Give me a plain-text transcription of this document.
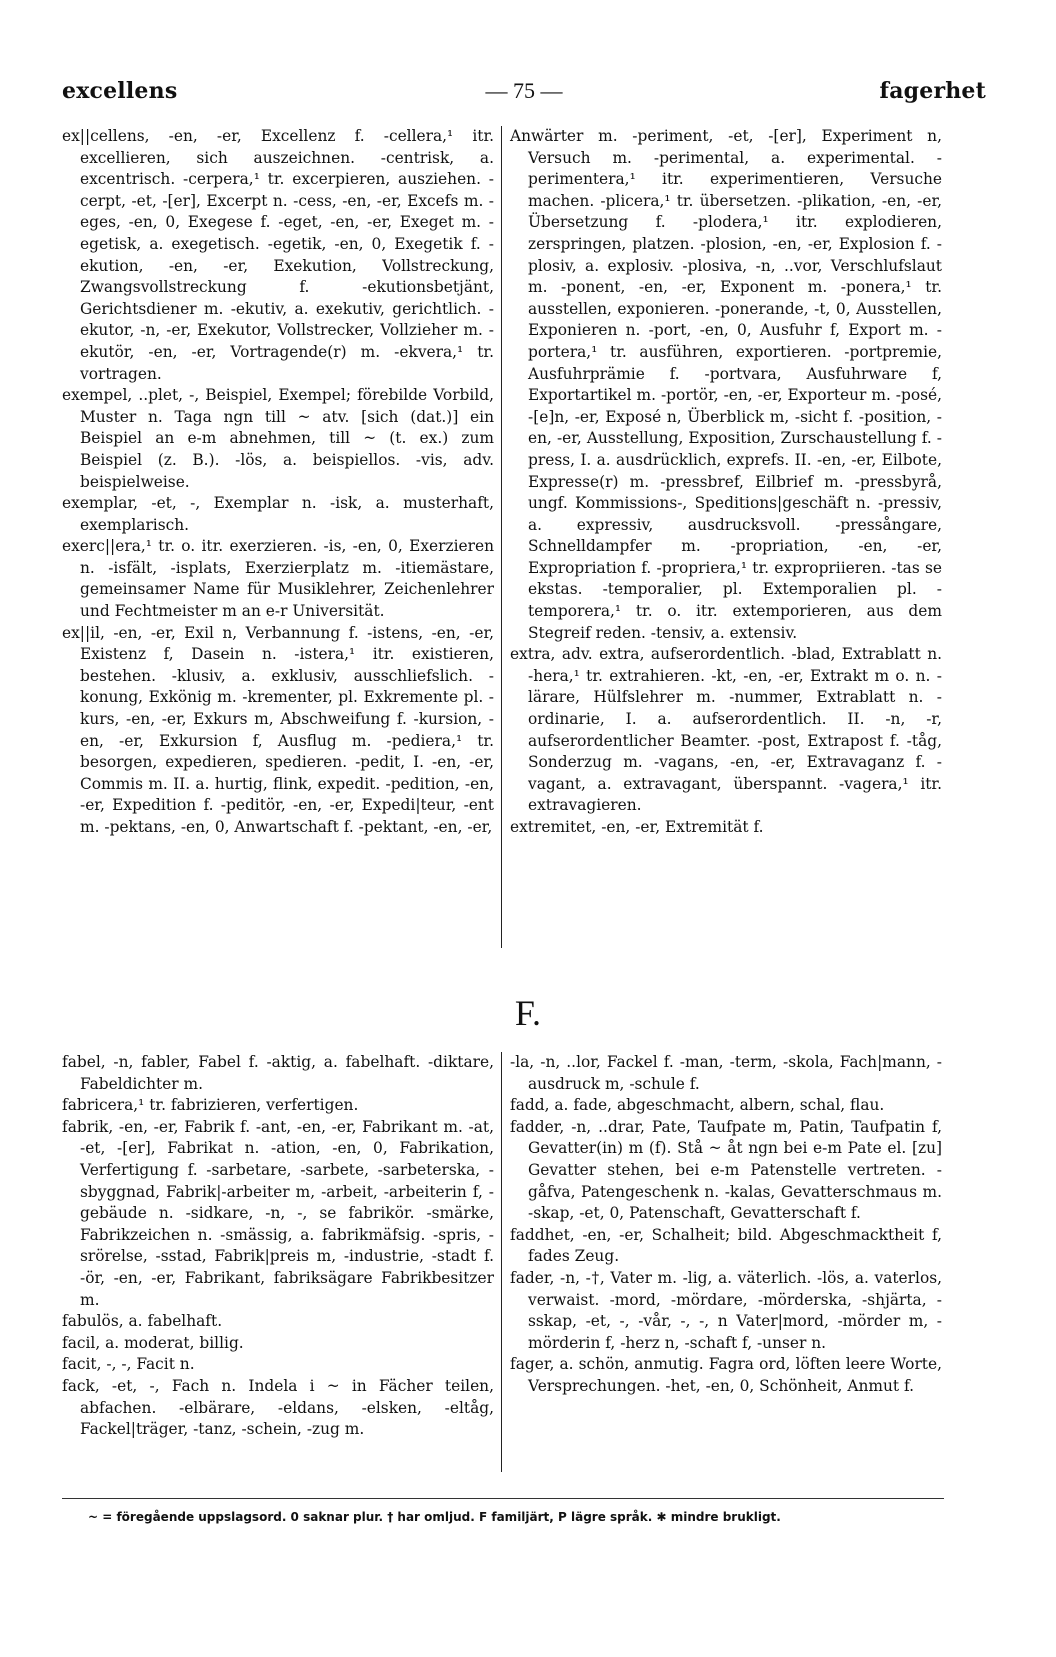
excellens	— 75 —	fagerhet

ex||cellens, -en, -er, Excellenz f. -cellera,¹ itr. excellieren, sich auszeichnen. -centrisk, a. excentrisch. -cerpera,¹ tr. excerpieren, ausziehen. -cerpt, -et, -[er], Excerpt n. -cess, -en, -er, Excefs m. -eges, -en, 0, Exegese f. -eget, -en, -er, Exeget m. -egetisk, a. exegetisch. -egetik, -en, 0, Exegetik f. -ekution, -en, -er, Exekution, Vollstreckung, Zwangsvollstreckung f. -ekutionsbetjänt, Gerichtsdiener m. -ekutiv, a. exekutiv, gerichtlich. -ekutor, -n, -er, Exekutor, Vollstrecker, Vollzieher m. -ekutör, -en, -er, Vortragende(r) m. -ekvera,¹ tr. vortragen.

exempel, ..plet, -, Beispiel, Exempel; förebilde Vorbild, Muster n. Taga ngn till ~ atv. [sich (dat.)] ein Beispiel an e-m abnehmen, till ~ (t. ex.) zum Beispiel (z. B.). -lös, a. beispiellos. -vis, adv. beispielweise.

exemplar, -et, -, Exemplar n. -isk, a. musterhaft, exemplarisch.

exerc||era,¹ tr. o. itr. exerzieren. -is, -en, 0, Exerzieren n. -isfält, -isplats, Exerzierplatz m. -itiemästare, gemeinsamer Name für Musiklehrer, Zeichenlehrer und Fechtmeister m an e-r Universität.

ex||il, -en, -er, Exil n, Verbannung f. -istens, -en, -er, Existenz f, Dasein n. -istera,¹ itr. existieren, bestehen. -klusiv, a. exklusiv, ausschliefslich. -konung, Exkönig m. -krementer, pl. Exkremente pl. -kurs, -en, -er, Exkurs m, Abschweifung f. -kursion, -en, -er, Exkursion f, Ausflug m. -pediera,¹ tr. besorgen, expedieren, spedieren. -pedit, I. -en, -er, Commis m. II. a. hurtig, flink, expedit. -pedition, -en, -er, Expedition f. -peditör, -en, -er, Expedi|teur, -ent m. -pektans, -en, 0, Anwartschaft f. -pektant, -en, -er,

Anwärter m. -periment, -et, -[er], Experiment n, Versuch m. -perimental, a. experimental. -perimentera,¹ itr. experimentieren, Versuche machen. -plicera,¹ tr. übersetzen. -plikation, -en, -er, Übersetzung f. -plodera,¹ itr. explodieren, zerspringen, platzen. -plosion, -en, -er, Explosion f. -plosiv, a. explosiv. -plosiva, -n, ..vor, Verschlufslaut m. -ponent, -en, -er, Exponent m. -ponera,¹ tr. ausstellen, exponieren. -ponerande, -t, 0, Ausstellen, Exponieren n. -port, -en, 0, Ausfuhr f, Export m. -portera,¹ tr. ausführen, exportieren. -portpremie, Ausfuhrprämie f. -portvara, Ausfuhrware f, Exportartikel m. -portör, -en, -er, Exporteur m. -posé, -[e]n, -er, Exposé n, Überblick m, -sicht f. -position, -en, -er, Ausstellung, Exposition, Zurschaustellung f. -press, I. a. ausdrücklich, exprefs. II. -en, -er, Eilbote, Expresse(r) m. -pressbref, Eilbrief m. -pressbyrå, ungf. Kommissions-, Speditions|geschäft n. -pressiv, a. expressiv, ausdrucksvoll. -pressångare, Schnelldampfer m. -propriation, -en, -er, Expropriation f. -propriera,¹ tr. expropriieren. -tas se ekstas. -temporalier, pl. Extemporalien pl. -temporera,¹ tr. o. itr. extemporieren, aus dem Stegreif reden. -tensiv, a. extensiv.

extra, adv. extra, aufserordentlich. -blad, Extrablatt n. -hera,¹ tr. extrahieren. -kt, -en, -er, Extrakt m o. n. -lärare, Hülfslehrer m. -nummer, Extrablatt n. -ordinarie, I. a. aufserordentlich. II. -n, -r, aufserordentlicher Beamter. -post, Extrapost f. -tåg, Sonderzug m. -vagans, -en, -er, Extravaganz f. -vagant, a. extravagant, überspannt. -vagera,¹ itr. extravagieren.

extremitet, -en, -er, Extremität f.

F.

fabel, -n, fabler, Fabel f. -aktig, a. fabelhaft. -diktare, Fabeldichter m.

fabricera,¹ tr. fabrizieren, verfertigen.

fabrik, -en, -er, Fabrik f. -ant, -en, -er, Fabrikant m. -at, -et, -[er], Fabrikat n. -ation, -en, 0, Fabrikation, Verfertigung f. -sarbetare, -sarbete, -sarbeterska, -sbyggnad, Fabrik|-arbeiter m, -arbeit, -arbeiterin f, -gebäude n. -sidkare, -n, -, se fabrikör. -smärke, Fabrikzeichen n. -smässig, a. fabrikmäfsig. -spris, -srörelse, -sstad, Fabrik|preis m, -industrie, -stadt f. -ör, -en, -er, Fabrikant, fabriksägare Fabrikbesitzer m.

fabulös, a. fabelhaft.

facil, a. moderat, billig.

facit, -, -, Facit n.

fack, -et, -, Fach n. Indela i ~ in Fächer teilen, abfachen. -elbärare, -eldans, -elsken, -eltåg, Fackel|träger, -tanz, -schein, -zug m.

-la, -n, ..lor, Fackel f. -man, -term, -skola, Fach|mann, -ausdruck m, -schule f.

fadd, a. fade, abgeschmacht, albern, schal, flau.

fadder, -n, ..drar, Pate, Taufpate m, Patin, Taufpatin f, Gevatter(in) m (f). Stå ~ åt ngn bei e-m Pate el. [zu] Gevatter stehen, bei e-m Patenstelle vertreten. -gåfva, Patengeschenk n. -kalas, Gevatterschmaus m. -skap, -et, 0, Patenschaft, Gevatterschaft f.

faddhet, -en, -er, Schalheit; bild. Abgeschmacktheit f, fades Zeug.

fader, -n, -†, Vater m. -lig, a. väterlich. -lös, a. vaterlos, verwaist. -mord, -mördare, -mörderska, -shjärta, -sskap, -et, -, -vår, -, -, n Vater|mord, -mörder m, -mörderin f, -herz n, -schaft f, -unser n.

fager, a. schön, anmutig. Fagra ord, löften leere Worte, Versprechungen. -het, -en, 0, Schönheit, Anmut f.

~ = föregående uppslagsord. 0 saknar plur. † har omljud. F familjärt, P lägre språk. ✱ mindre brukligt.
